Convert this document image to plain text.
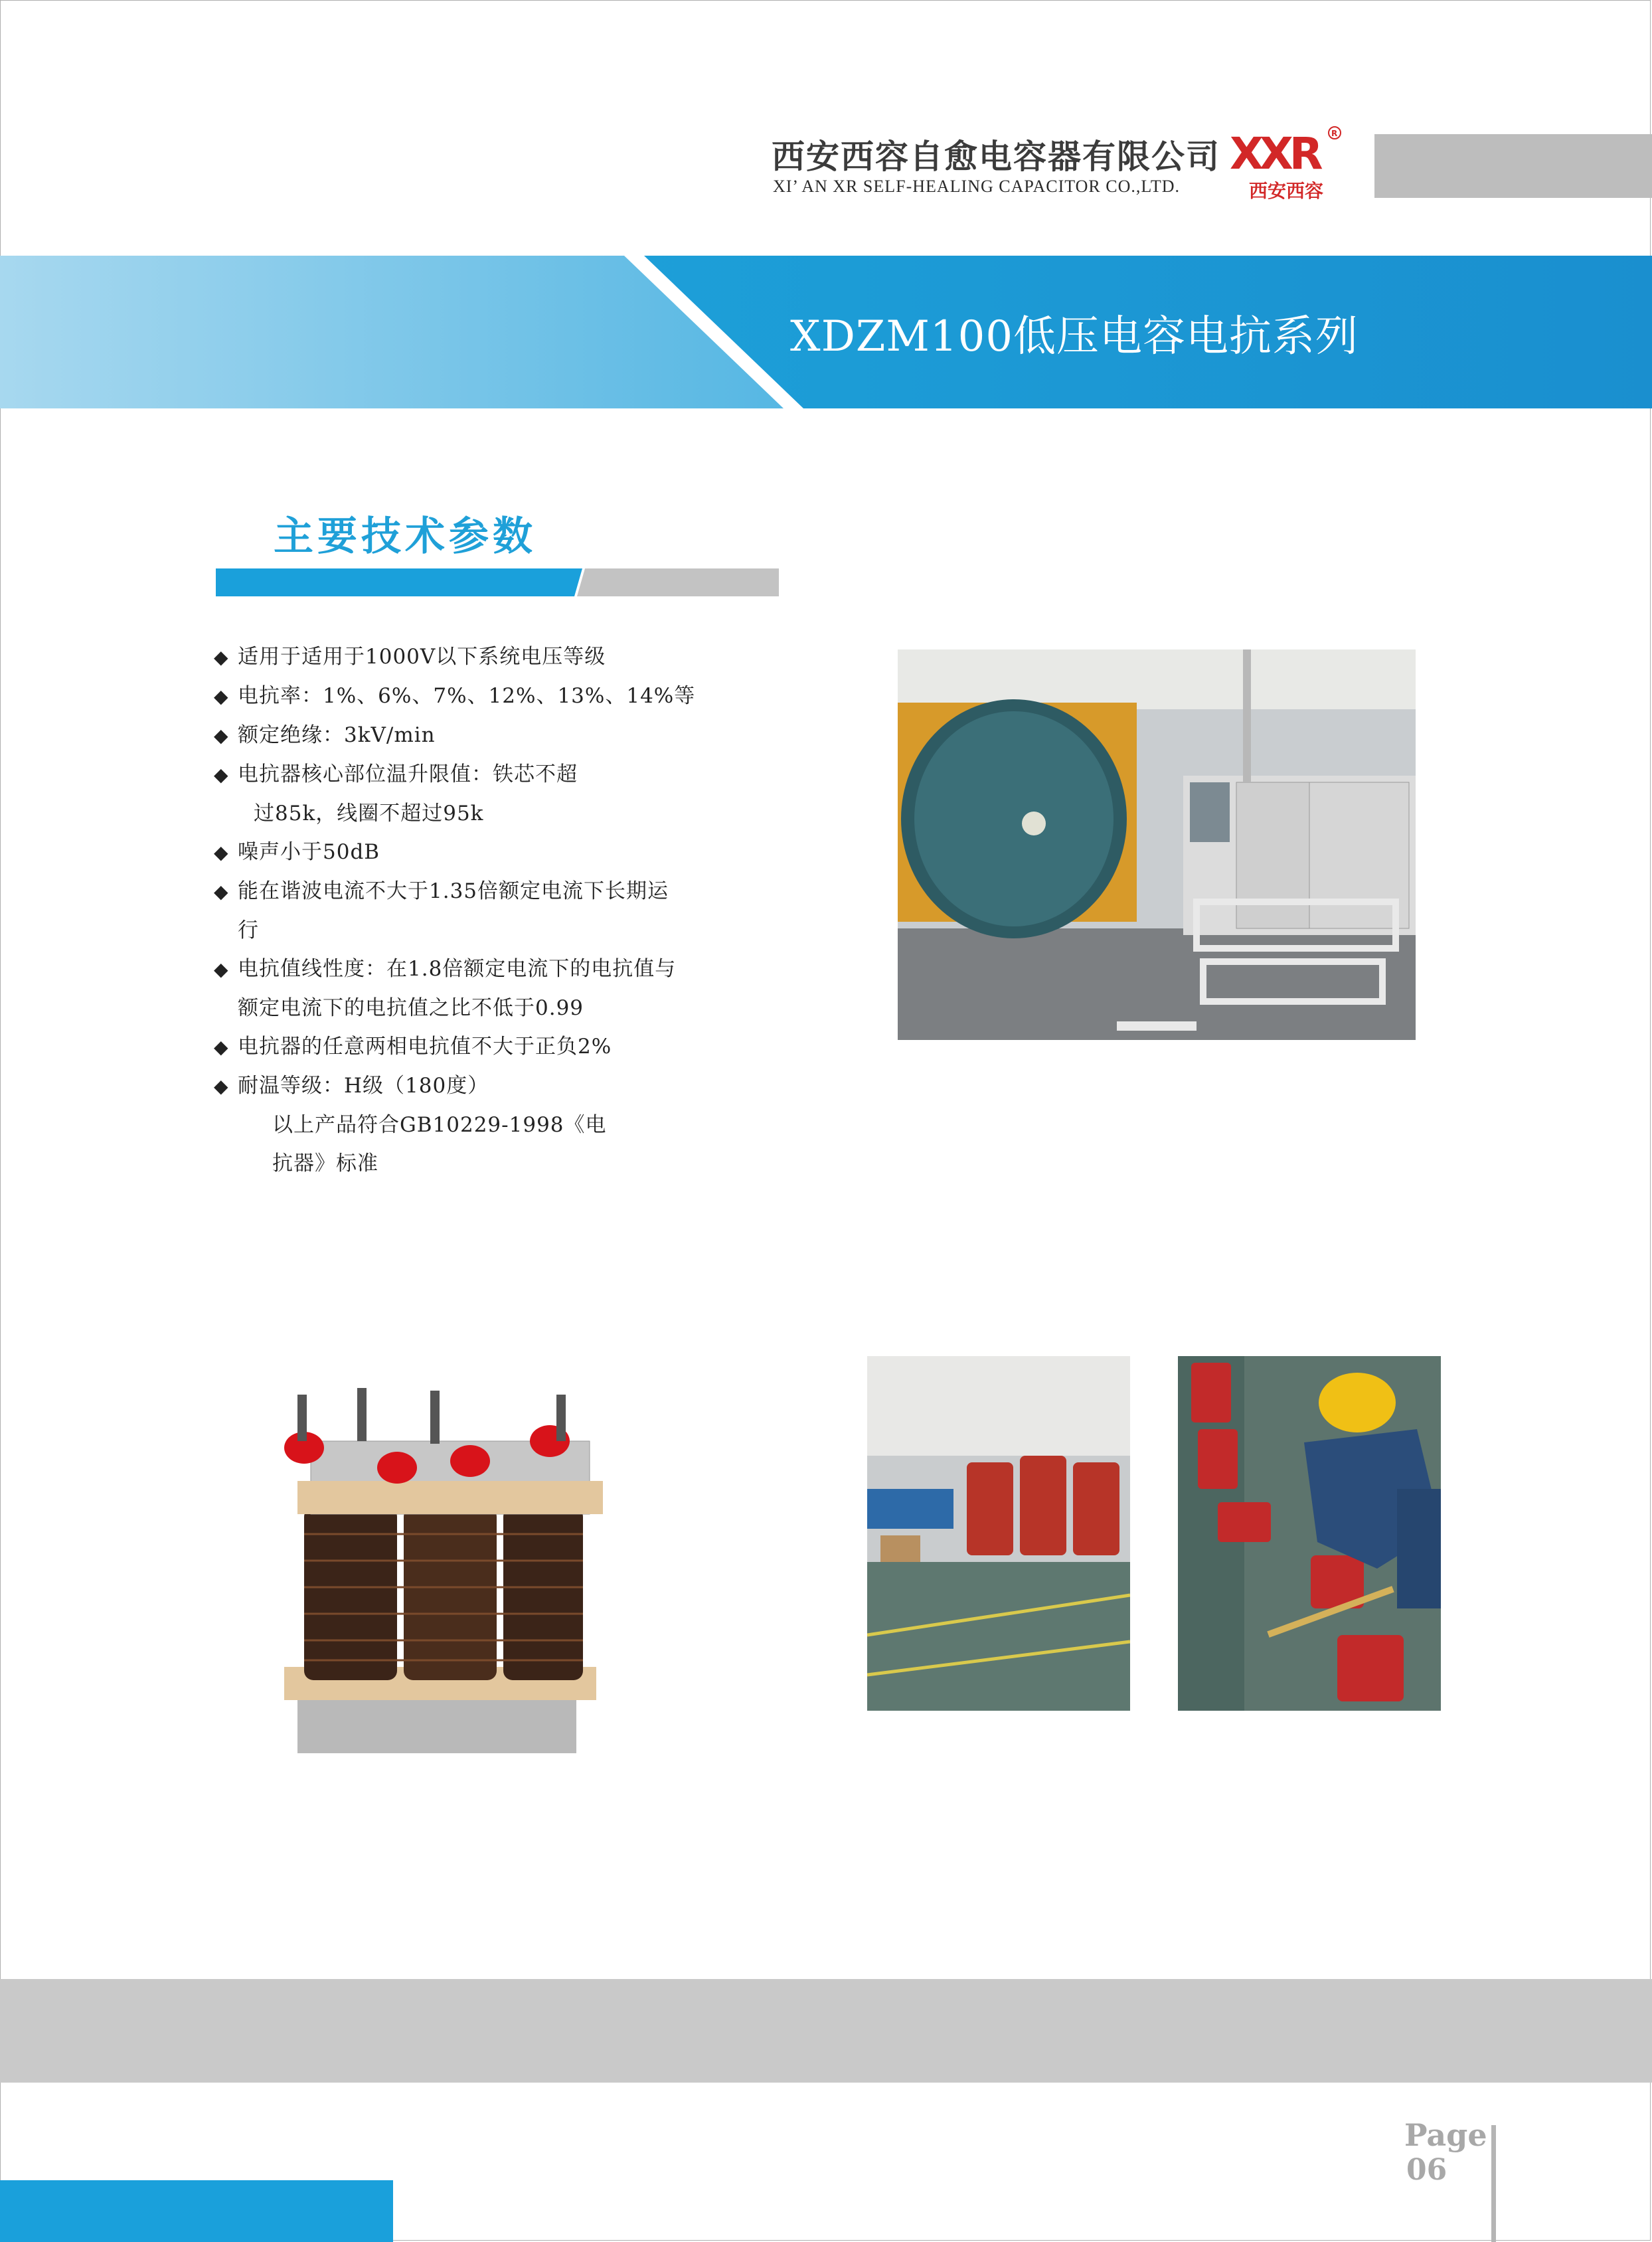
西安西容自愈电容器有限公司
XI’ AN XR SELF-HEALING CAPACITOR CO.,LTD.
XXR	R
西安西容
XDZM100低压电容电抗系列
主要技术参数
◆ 适用于适用于1000V以下系统电压等级
◆ 电抗率：1%、6%、7%、12%、13%、14%等
◆ 额定绝缘：3kV/min
◆ 电抗器核心部位温升限值：铁芯不超
过85k，线圈不超过95k
◆ 噪声小于50dB
◆ 能在谐波电流不大于1.35倍额定电流下长期运
行
◆ 电抗值线性度：在1.8倍额定电流下的电抗值与
额定电流下的电抗值之比不低于0.99
◆ 电抗器的任意两相电抗值不大于正负2%
◆ 耐温等级：H级（180度）
以上产品符合GB10229-1998《电
抗器》标准
Page
06
